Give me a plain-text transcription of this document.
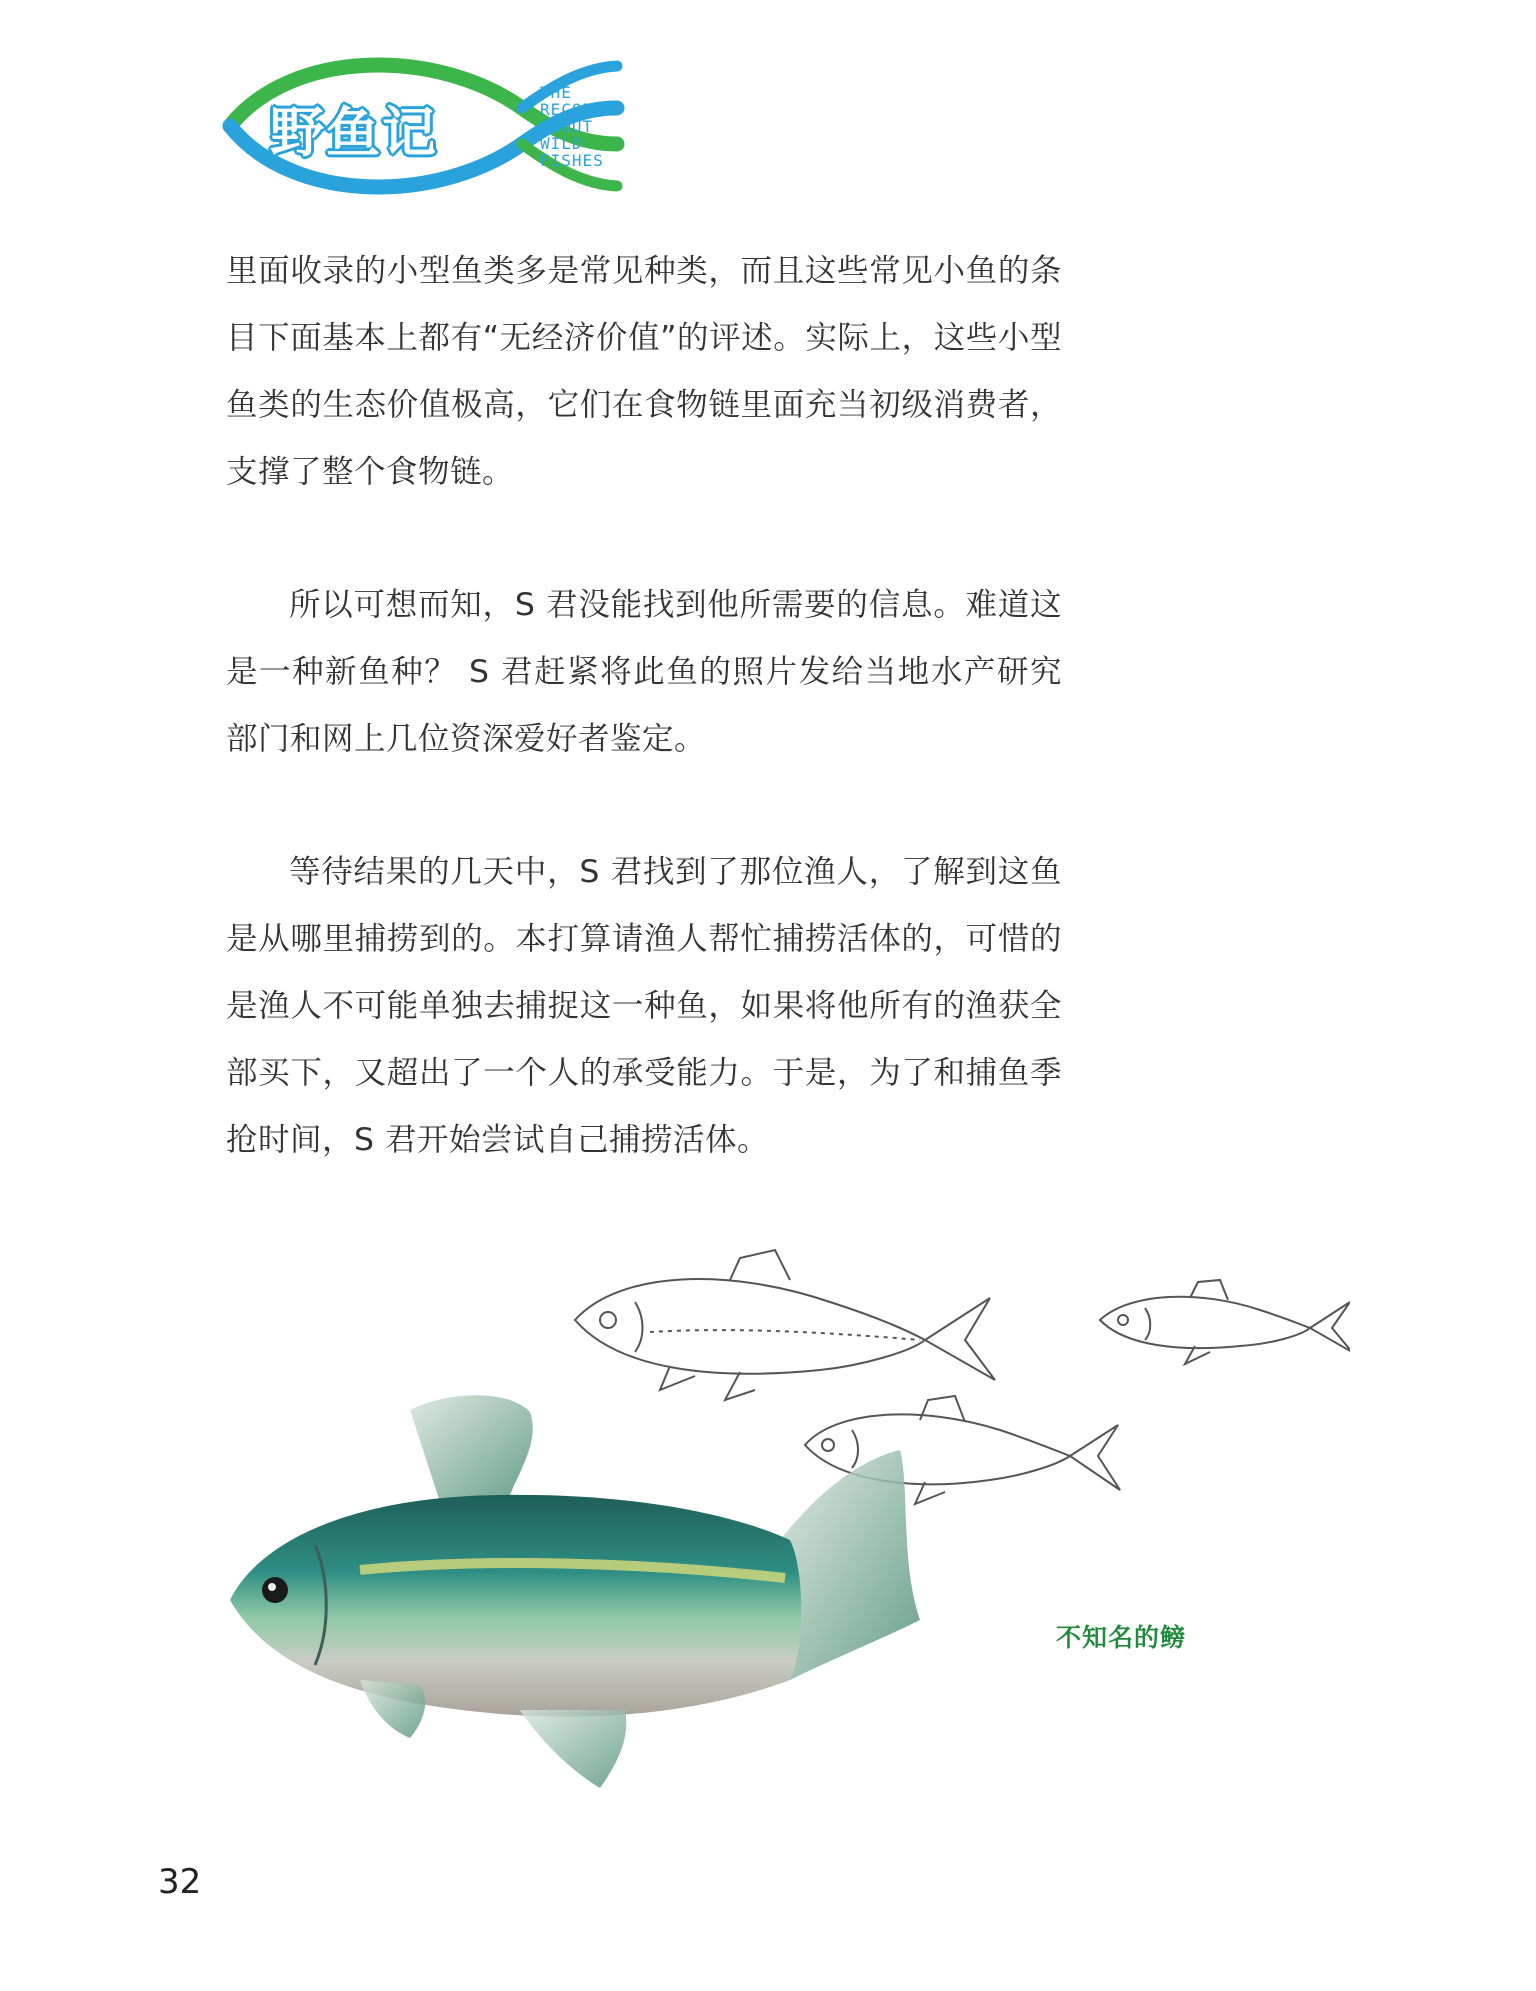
野鱼记
THE
RECORDS
ABOUT
WILD
FISHES

里面收录的小型鱼类多是常见种类，而且这些常见小鱼的条目下面基本上都有“无经济价值”的评述。实际上，这些小型鱼类的生态价值极高，它们在食物链里面充当初级消费者，支撑了整个食物链。

所以可想而知，S 君没能找到他所需要的信息。难道这是一种新鱼种？ S 君赶紧将此鱼的照片发给当地水产研究部门和网上几位资深爱好者鉴定。

等待结果的几天中，S 君找到了那位渔人，了解到这鱼是从哪里捕捞到的。本打算请渔人帮忙捕捞活体的，可惜的是渔人不可能单独去捕捉这一种鱼，如果将他所有的渔获全部买下，又超出了一个人的承受能力。于是，为了和捕鱼季抢时间，S 君开始尝试自己捕捞活体。

不知名的鳑
32
